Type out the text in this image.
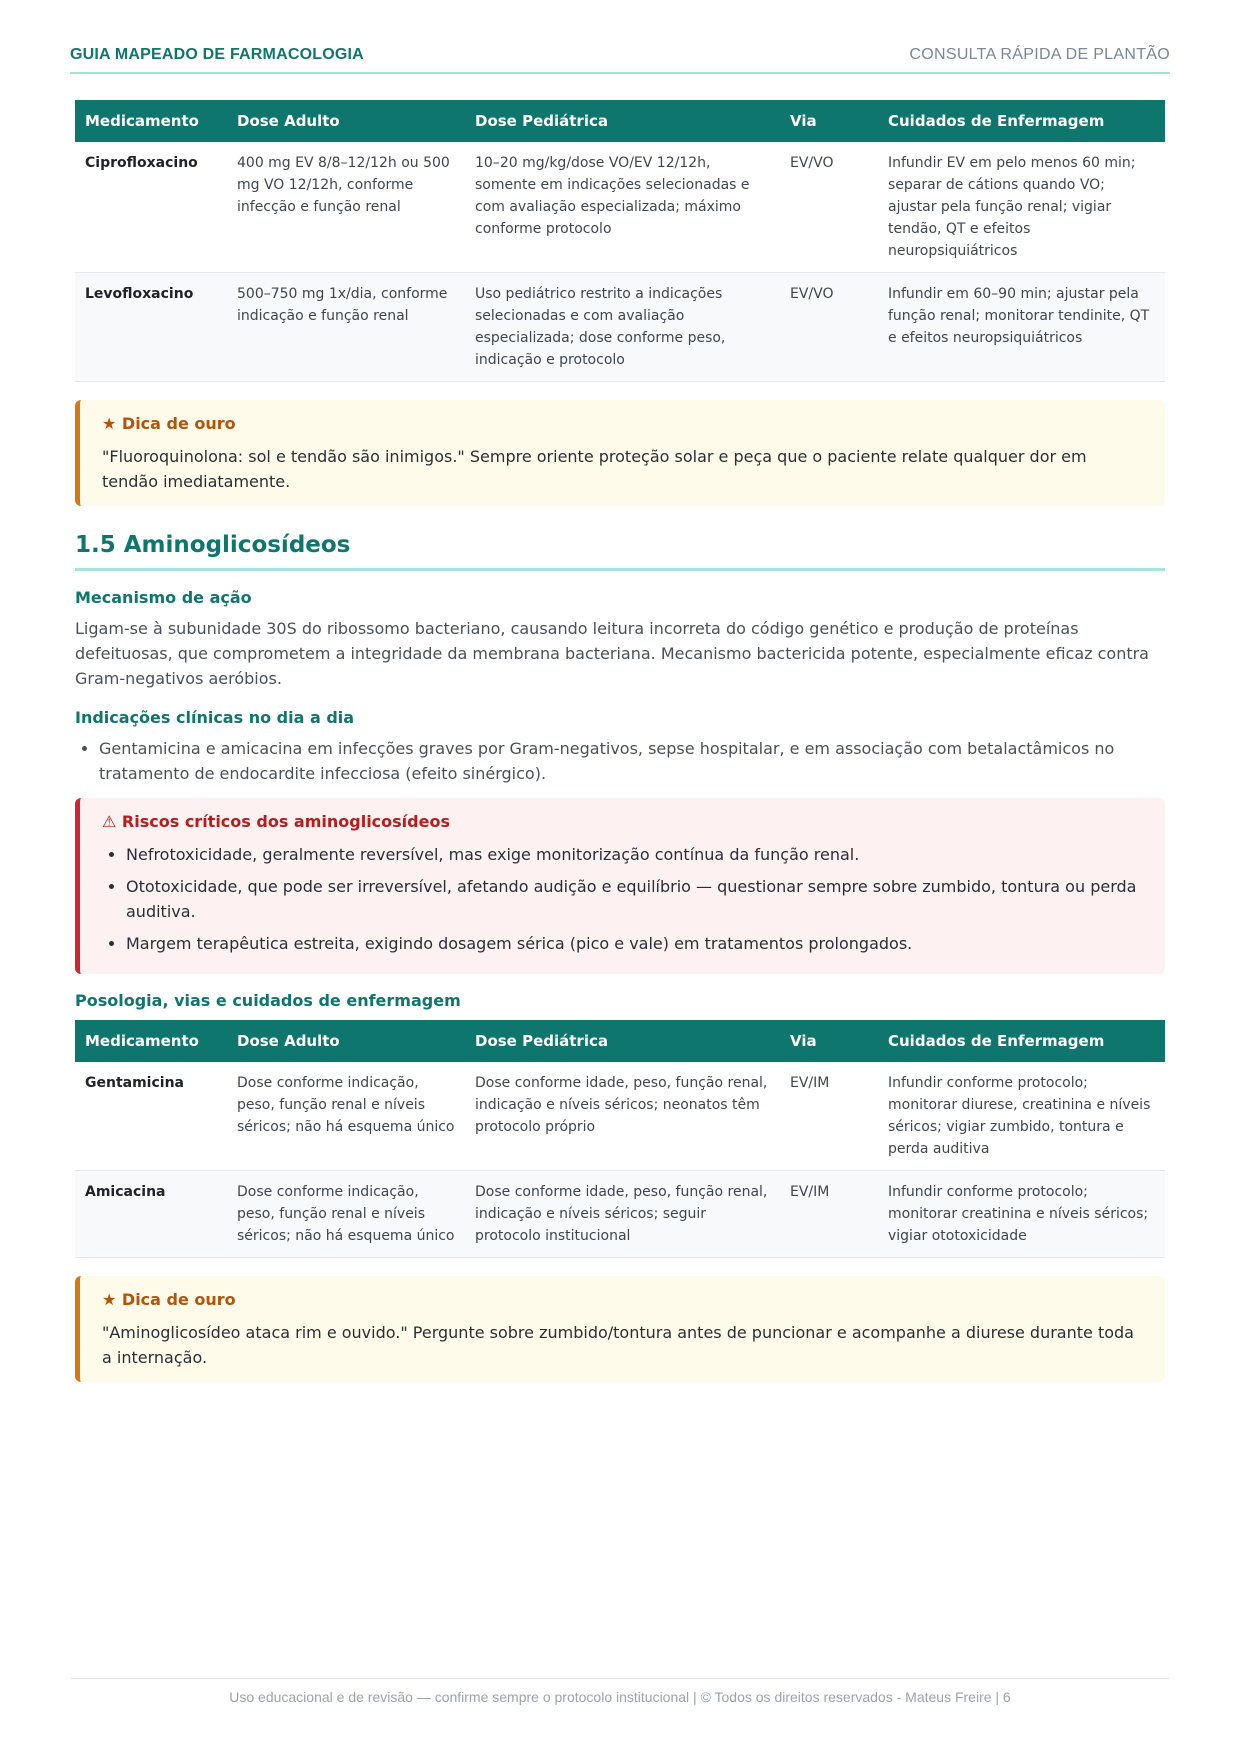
GUIA MAPEADO DE FARMACOLOGIA	CONSULTA RÁPIDA DE PLANTÃO
Medicamento	Dose Adulto	Dose Pediátrica	Via	Cuidados de Enfermagem
Ciprofloxacino	400 mg EV 8/8–12/12h ou 500 mg VO 12/12h, conforme infecção e função renal	10–20 mg/kg/dose VO/EV 12/12h, somente em indicações selecionadas e com avaliação especializada; máximo conforme protocolo	EV/VO	Infundir EV em pelo menos 60 min; separar de cátions quando VO; ajustar pela função renal; vigiar tendão, QT e efeitos neuropsiquiátricos
Levofloxacino	500–750 mg 1x/dia, conforme indicação e função renal	Uso pediátrico restrito a indicações selecionadas e com avaliação especializada; dose conforme peso, indicação e protocolo	EV/VO	Infundir em 60–90 min; ajustar pela função renal; monitorar tendinite, QT e efeitos neuropsiquiátricos
★ Dica de ouro
"Fluoroquinolona: sol e tendão são inimigos." Sempre oriente proteção solar e peça que o paciente relate qualquer dor em tendão imediatamente.
1.5 Aminoglicosídeos
Mecanismo de ação

Ligam-se à subunidade 30S do ribossomo bacteriano, causando leitura incorreta do código genético e produção de proteínas defeituosas, que comprometem a integridade da membrana bacteriana. Mecanismo bactericida potente, especialmente eficaz contra Gram-negativos aeróbios.

Indicações clínicas no dia a dia
• Gentamicina e amicacina em infecções graves por Gram-negativos, sepse hospitalar, e em associação com betalactâmicos no tratamento de endocardite infecciosa (efeito sinérgico).
⚠ Riscos críticos dos aminoglicosídeos
• Nefrotoxicidade, geralmente reversível, mas exige monitorização contínua da função renal.
• Ototoxicidade, que pode ser irreversível, afetando audição e equilíbrio — questionar sempre sobre zumbido, tontura ou perda auditiva.
• Margem terapêutica estreita, exigindo dosagem sérica (pico e vale) em tratamentos prolongados.
Posologia, vias e cuidados de enfermagem
Medicamento	Dose Adulto	Dose Pediátrica	Via	Cuidados de Enfermagem
Gentamicina	Dose conforme indicação, peso, função renal e níveis séricos; não há esquema único	Dose conforme idade, peso, função renal, indicação e níveis séricos; neonatos têm protocolo próprio	EV/IM	Infundir conforme protocolo; monitorar diurese, creatinina e níveis séricos; vigiar zumbido, tontura e perda auditiva
Amicacina	Dose conforme indicação, peso, função renal e níveis séricos; não há esquema único	Dose conforme idade, peso, função renal, indicação e níveis séricos; seguir protocolo institucional	EV/IM	Infundir conforme protocolo; monitorar creatinina e níveis séricos; vigiar ototoxicidade
★ Dica de ouro
"Aminoglicosídeo ataca rim e ouvido." Pergunte sobre zumbido/tontura antes de puncionar e acompanhe a diurese durante toda a internação.
Uso educacional e de revisão — confirme sempre o protocolo institucional | © Todos os direitos reservados - Mateus Freire | 6
